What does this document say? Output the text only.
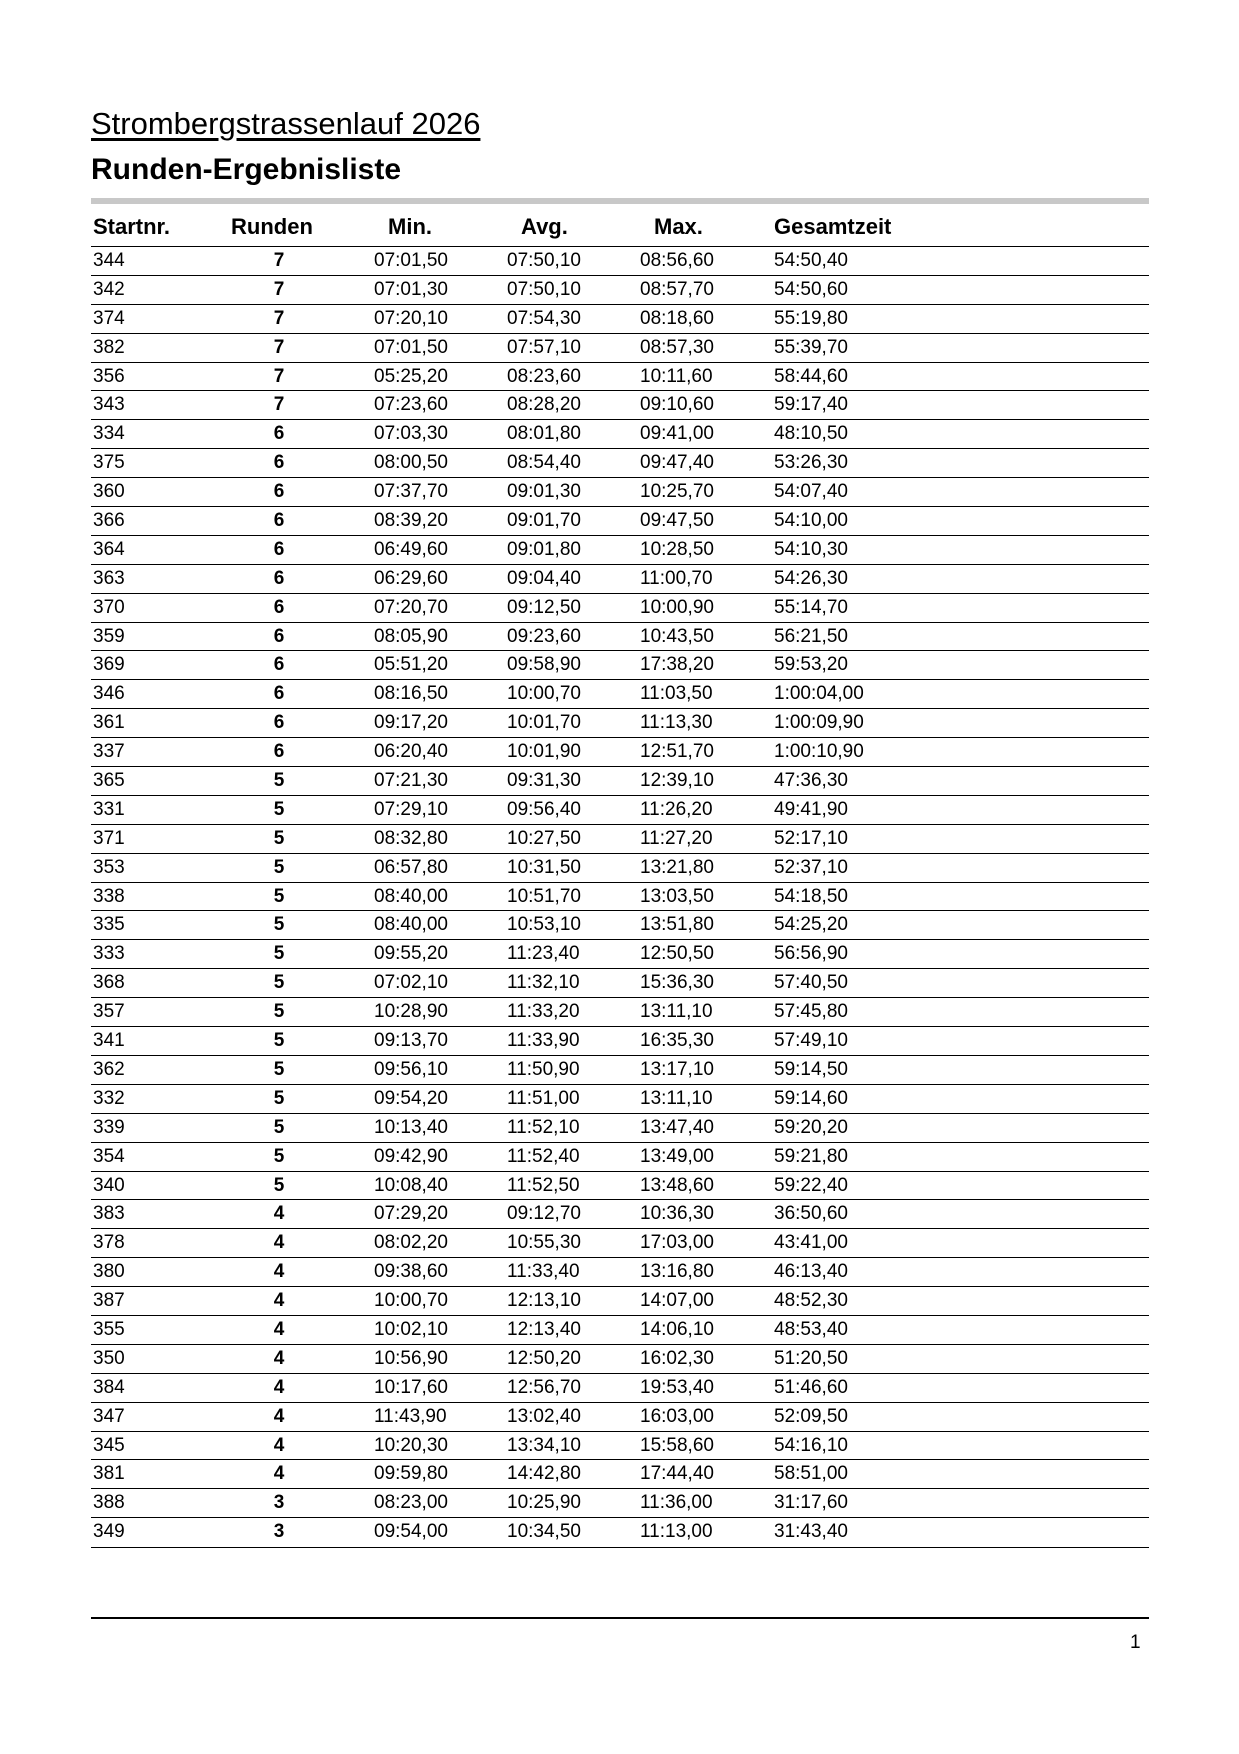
Strombergstrassenlauf 2026
Runden-Ergebnisliste
Startnr.	Runden	Min.	Avg.	Max.	Gesamtzeit
344	7	07:01,50	07:50,10	08:56,60	54:50,40
342	7	07:01,30	07:50,10	08:57,70	54:50,60
374	7	07:20,10	07:54,30	08:18,60	55:19,80
382	7	07:01,50	07:57,10	08:57,30	55:39,70
356	7	05:25,20	08:23,60	10:11,60	58:44,60
343	7	07:23,60	08:28,20	09:10,60	59:17,40
334	6	07:03,30	08:01,80	09:41,00	48:10,50
375	6	08:00,50	08:54,40	09:47,40	53:26,30
360	6	07:37,70	09:01,30	10:25,70	54:07,40
366	6	08:39,20	09:01,70	09:47,50	54:10,00
364	6	06:49,60	09:01,80	10:28,50	54:10,30
363	6	06:29,60	09:04,40	11:00,70	54:26,30
370	6	07:20,70	09:12,50	10:00,90	55:14,70
359	6	08:05,90	09:23,60	10:43,50	56:21,50
369	6	05:51,20	09:58,90	17:38,20	59:53,20
346	6	08:16,50	10:00,70	11:03,50	1:00:04,00
361	6	09:17,20	10:01,70	11:13,30	1:00:09,90
337	6	06:20,40	10:01,90	12:51,70	1:00:10,90
365	5	07:21,30	09:31,30	12:39,10	47:36,30
331	5	07:29,10	09:56,40	11:26,20	49:41,90
371	5	08:32,80	10:27,50	11:27,20	52:17,10
353	5	06:57,80	10:31,50	13:21,80	52:37,10
338	5	08:40,00	10:51,70	13:03,50	54:18,50
335	5	08:40,00	10:53,10	13:51,80	54:25,20
333	5	09:55,20	11:23,40	12:50,50	56:56,90
368	5	07:02,10	11:32,10	15:36,30	57:40,50
357	5	10:28,90	11:33,20	13:11,10	57:45,80
341	5	09:13,70	11:33,90	16:35,30	57:49,10
362	5	09:56,10	11:50,90	13:17,10	59:14,50
332	5	09:54,20	11:51,00	13:11,10	59:14,60
339	5	10:13,40	11:52,10	13:47,40	59:20,20
354	5	09:42,90	11:52,40	13:49,00	59:21,80
340	5	10:08,40	11:52,50	13:48,60	59:22,40
383	4	07:29,20	09:12,70	10:36,30	36:50,60
378	4	08:02,20	10:55,30	17:03,00	43:41,00
380	4	09:38,60	11:33,40	13:16,80	46:13,40
387	4	10:00,70	12:13,10	14:07,00	48:52,30
355	4	10:02,10	12:13,40	14:06,10	48:53,40
350	4	10:56,90	12:50,20	16:02,30	51:20,50
384	4	10:17,60	12:56,70	19:53,40	51:46,60
347	4	11:43,90	13:02,40	16:03,00	52:09,50
345	4	10:20,30	13:34,10	15:58,60	54:16,10
381	4	09:59,80	14:42,80	17:44,40	58:51,00
388	3	08:23,00	10:25,90	11:36,00	31:17,60
349	3	09:54,00	10:34,50	11:13,00	31:43,40
1
